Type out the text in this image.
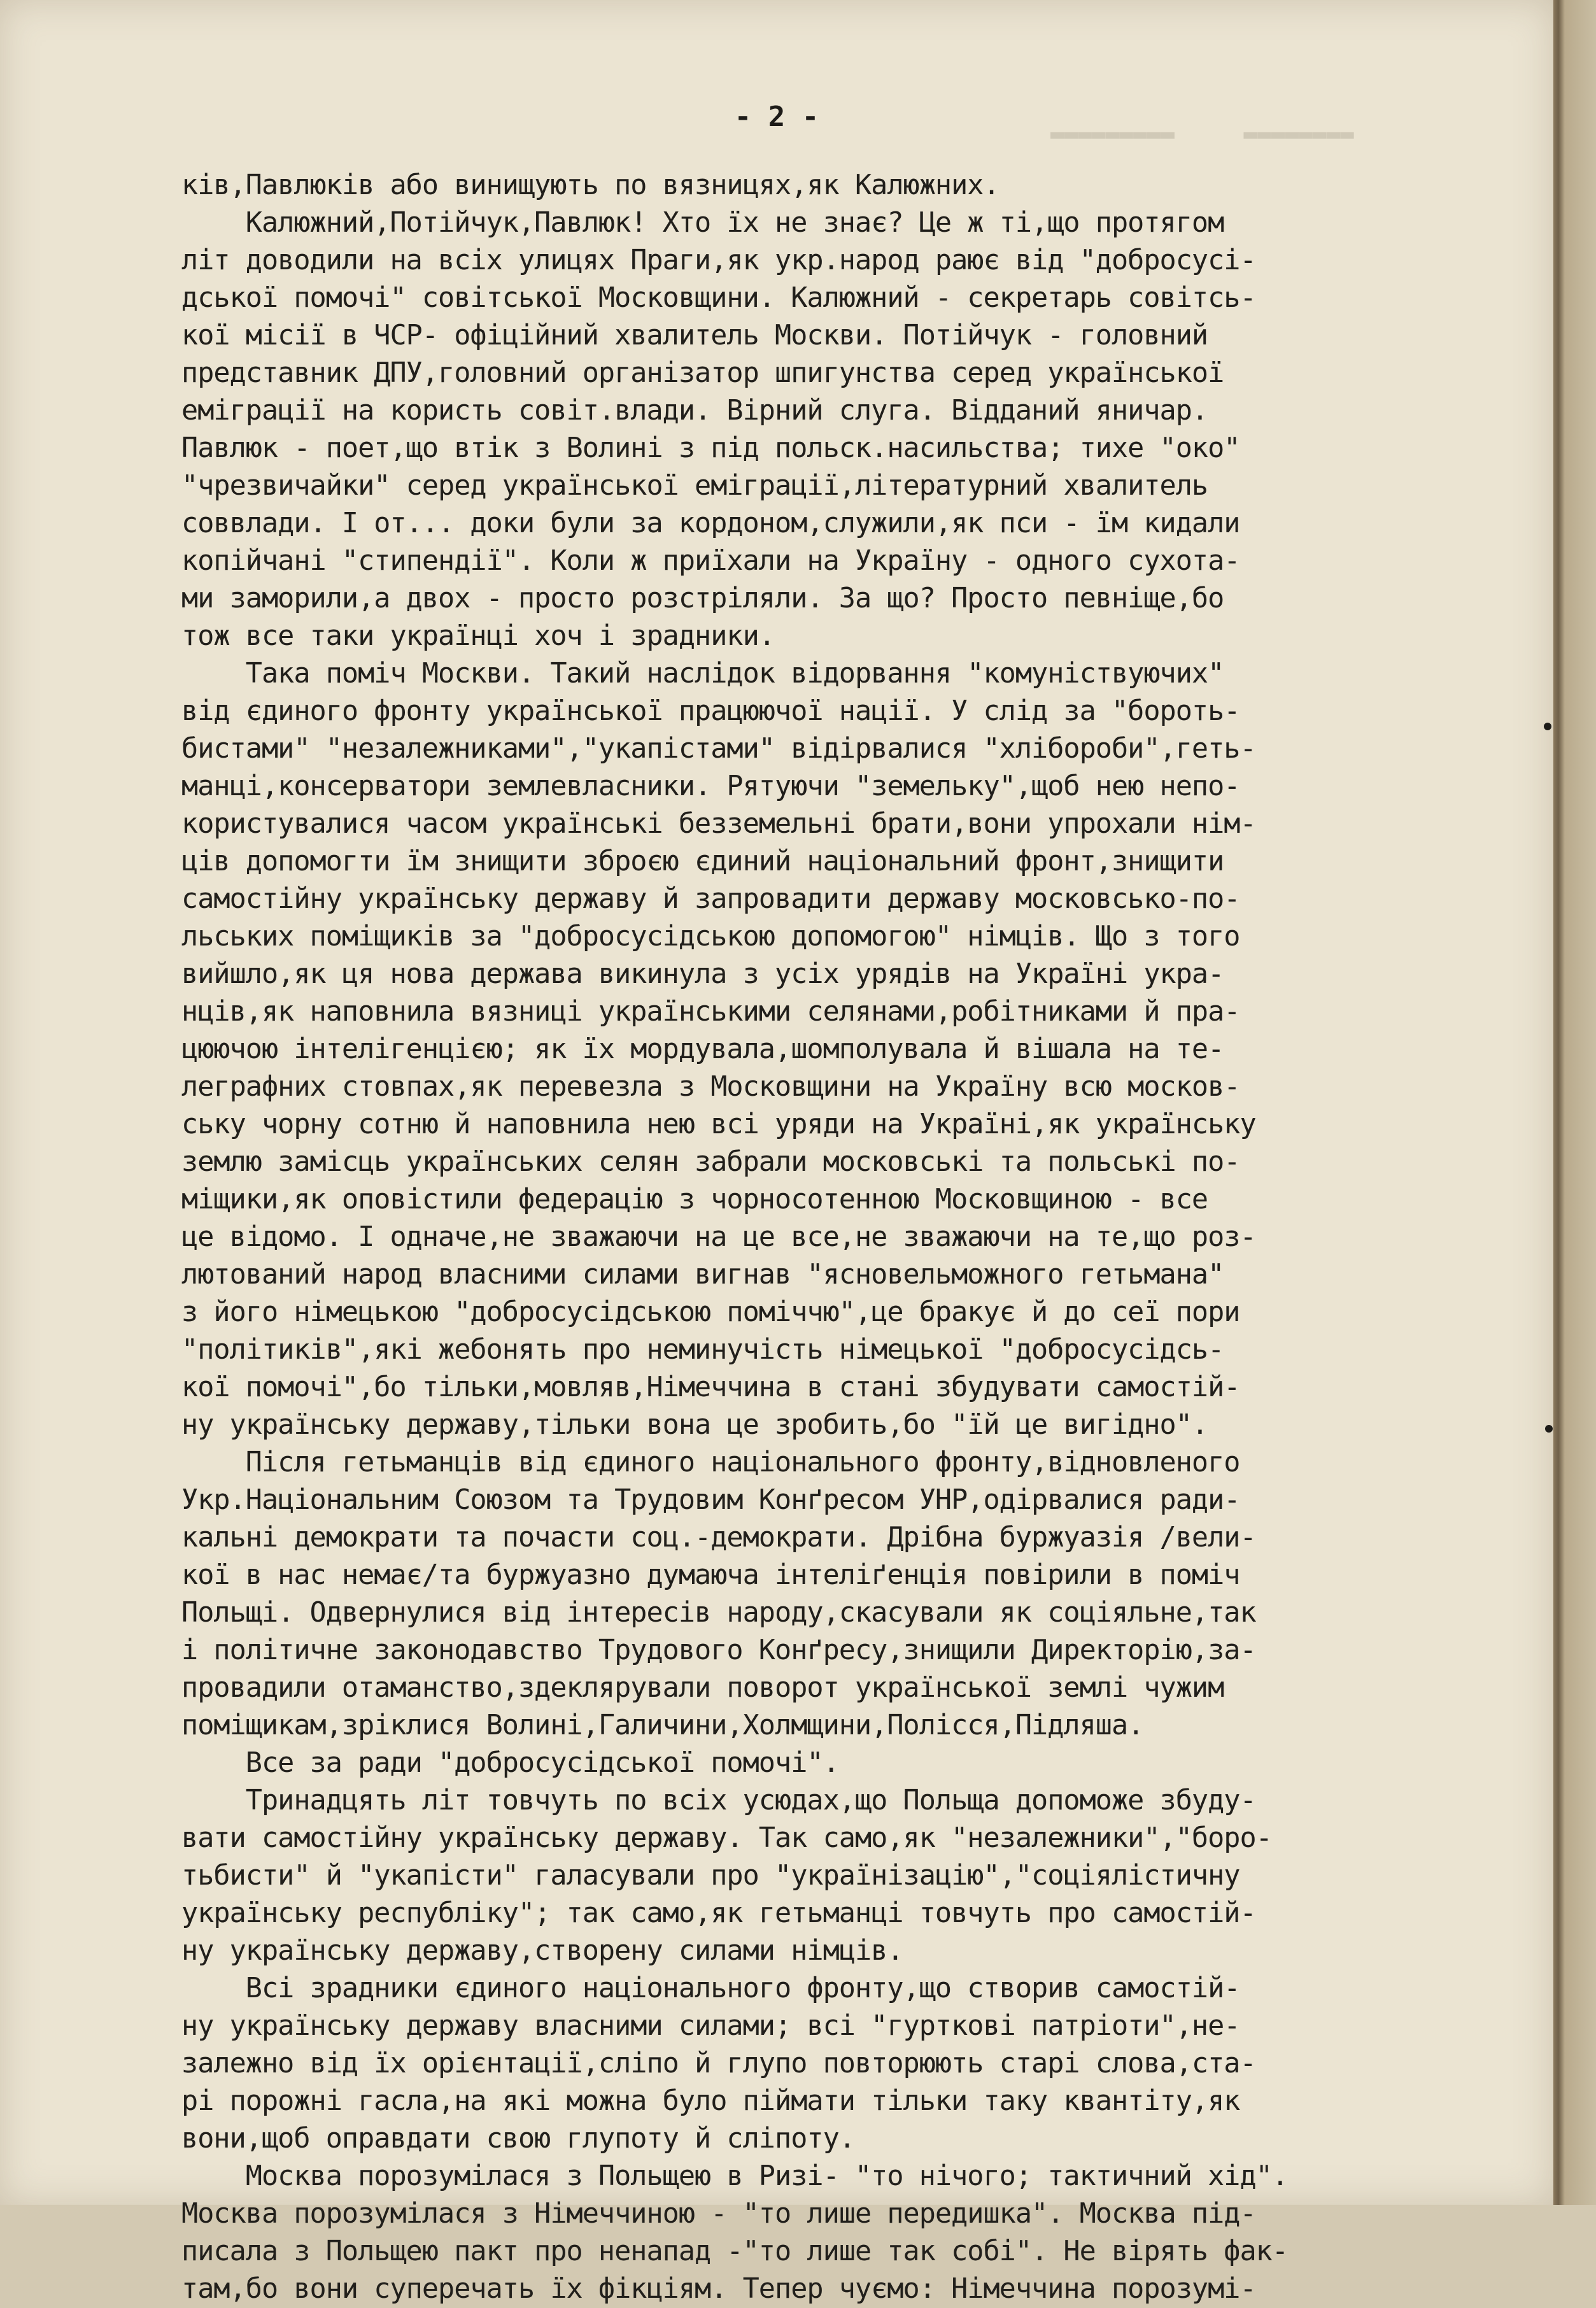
▬▬▬▬▬▬▬▬▬     ▬▬▬▬▬▬▬▬
- 2 -
ків,Павлюків або винищують по вязницях,як Калюжних.
Калюжний,Потійчук,Павлюк! Хто їх не знає? Це ж ті,що протягом
літ доводили на всіх улицях Праги,як укр.народ раює від "добросусі-
дської помочі" совітської Московщини. Калюжний - секретарь совітсь-
кої місії в ЧСР- офіційний хвалитель Москви. Потійчук - головний
представник ДПУ,головний організатор шпигунства серед української
еміграції на користь совіт.влади. Вірний слуга. Відданий яничар.
Павлюк - поет,що втік з Волині з під польск.насильства; тихе "око"
"чрезвичайки" серед української еміграції,літературний хвалитель
соввлади. І от... доки були за кордоном,служили,як пси - їм кидали
копійчані "стипендії". Коли ж приїхали на Україну - одного сухота-
ми заморили,а двох - просто розстріляли. За що? Просто певніще,бо
тож все таки українці хоч і зрадники.
Така поміч Москви. Такий наслідок відорвання "комуніствуючих"
від єдиного фронту української працюючої нації. У слід за "бороть-
бистами" "незалежниками","укапістами" відірвалися "хлібороби",геть-
манці,консерватори землевласники. Рятуючи "земельку",щоб нею непо-
користувалися часом українські безземельні брати,вони упрохали нім-
ців допомогти їм знищити зброєю єдиний національний фронт,знищити
самостійну українську державу й запровадити державу московсько-по-
льських поміщиків за "добросусідською допомогою" німців. Що з того
вийшло,як ця нова держава викинула з усіх урядів на Україні укра-
нців,як наповнила вязниці українськими селянами,робітниками й пра-
цюючою інтелігенцією; як їх мордувала,шомполувала й вішала на те-
леграфних стовпах,як перевезла з Московщини на Україну всю москов-
ську чорну сотню й наповнила нею всі уряди на Україні,як українську
землю замісць українських селян забрали московські та польські по-
міщики,як оповістили федерацію з чорносотенною Московщиною - все
це відомо. І одначе,не зважаючи на це все,не зважаючи на те,що роз-
лютований народ власними силами вигнав "ясновельможного гетьмана"
з його німецькою "добросусідською поміччю",це бракує й до сеї пори
"політиків",які жебонять про неминучість німецької "добросусідсь-
кої помочі",бо тільки,мовляв,Німеччина в стані збудувати самостій-
ну українську державу,тільки вона це зробить,бо "їй це вигідно".
Після гетьманців від єдиного національного фронту,відновленого
Укр.Національним Союзом та Трудовим Конґресом УНР,одірвалися ради-
кальні демократи та почасти соц.-демократи. Дрібна буржуазія /вели-
кої в нас немає/та буржуазно думаюча інтеліґенція повірили в поміч
Польщі. Одвернулися від інтересів народу,скасували як соціяльне,так
і політичне законодавство Трудового Конґресу,знищили Директорію,за-
провадили отаманство,здеклярували поворот української землі чужим
поміщикам,зріклися Волині,Галичини,Холмщини,Полісся,Підляша.
Все за ради "добросусідської помочі".
Тринадцять літ товчуть по всіх усюдах,що Польща допоможе збуду-
вати самостійну українську державу. Так само,як "незалежники","боро-
тьбисти" й "укапісти" галасували про "українізацію","соціялістичну
українську республіку"; так само,як гетьманці товчуть про самостій-
ну українську державу,створену силами німців.
Всі зрадники єдиного національного фронту,що створив самостій-
ну українську державу власними силами; всі "гурткові патріоти",не-
залежно від їх орієнтації,сліпо й глупо повторюють старі слова,ста-
рі порожні гасла,на які можна було піймати тільки таку квантіту,як
вони,щоб оправдати свою глупоту й сліпоту.
Москва порозумілася з Польщею в Ризі- "то нічого; тактичний хід".
Москва порозумілася з Німеччиною - "то лише передишка". Москва під-
писала з Польщею пакт про ненапад -"то лише так собі". Не вірять фак-
там,бо вони суперечать їх фікціям. Тепер чуємо: Німеччина порозумі-
